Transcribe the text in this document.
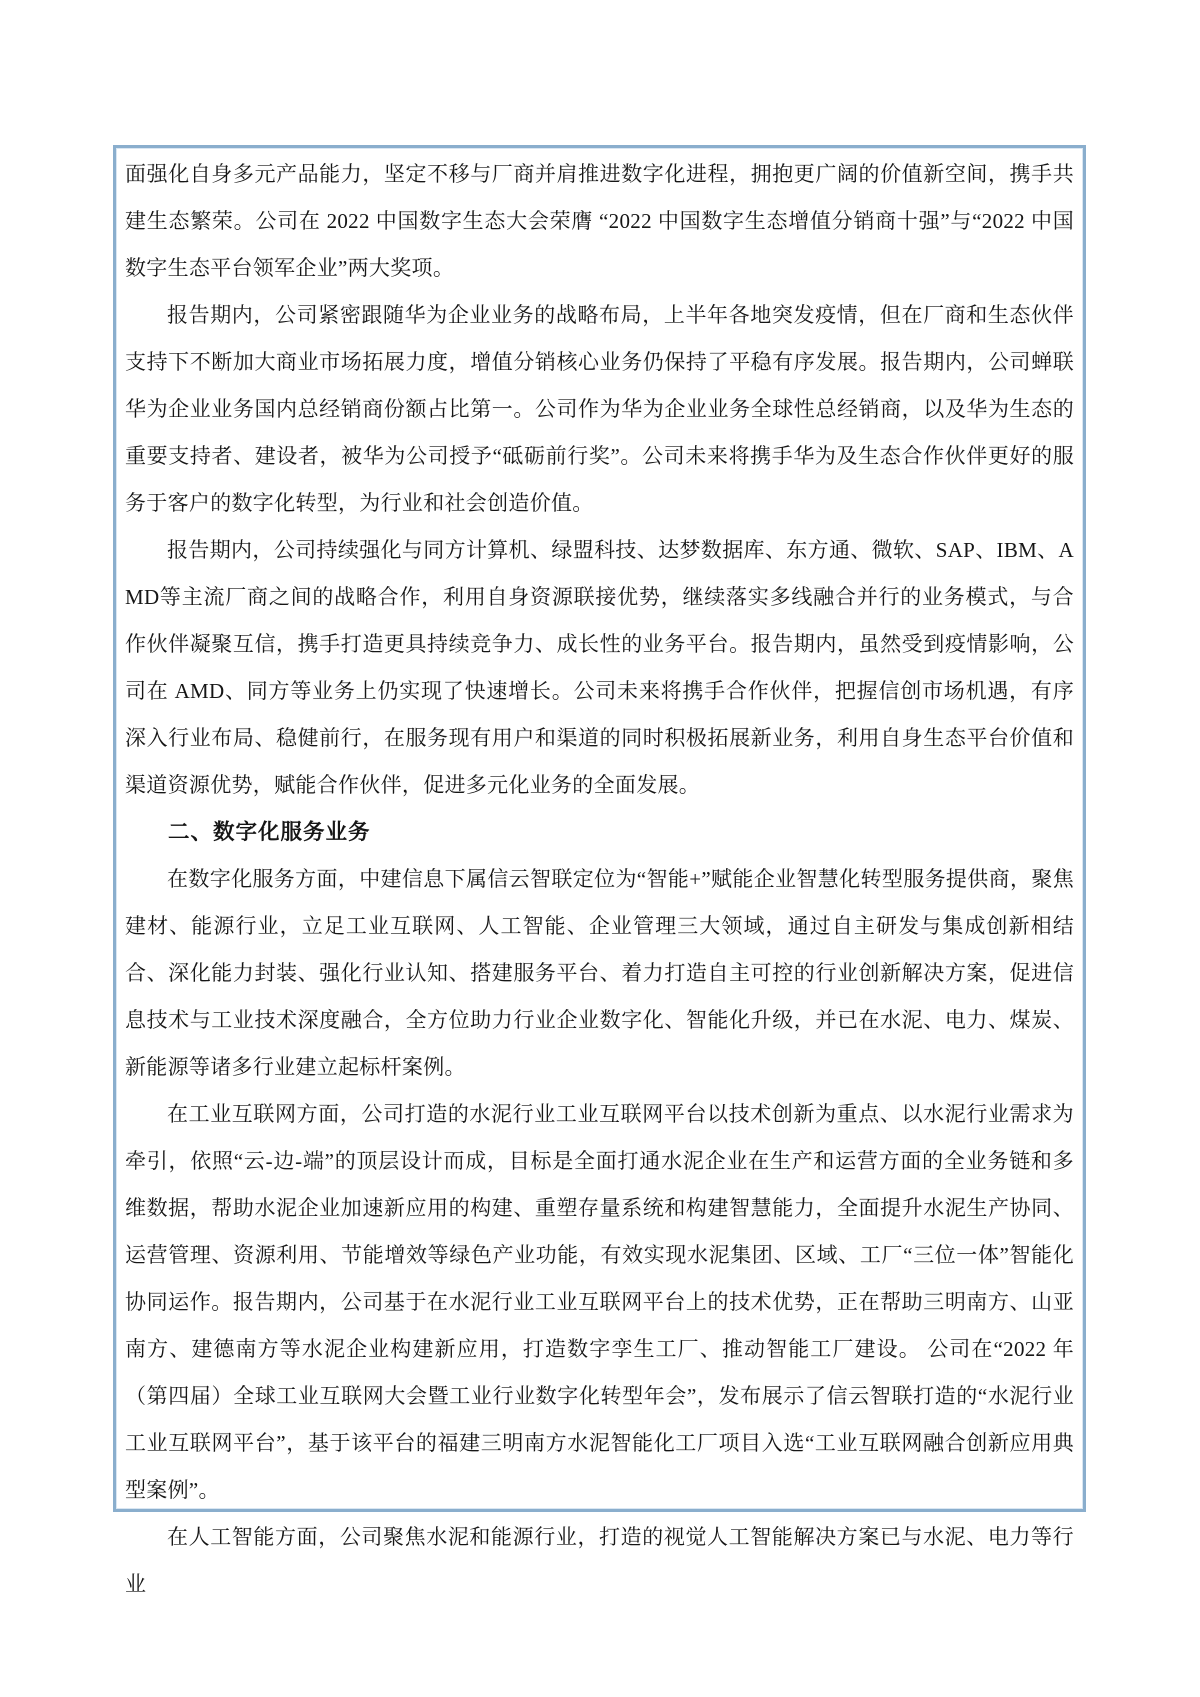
面强化自身多元产品能力，坚定不移与厂商并肩推进数字化进程，拥抱更广阔的价值新空间，携手共建生态繁荣。公司在 2022 中国数字生态大会荣膺 “2022 中国数字生态增值分销商十强”与“2022 中国数字生态平台领军企业”两大奖项。

报告期内，公司紧密跟随华为企业业务的战略布局，上半年各地突发疫情，但在厂商和生态伙伴支持下不断加大商业市场拓展力度，增值分销核心业务仍保持了平稳有序发展。报告期内，公司蝉联华为企业业务国内总经销商份额占比第一。公司作为华为企业业务全球性总经销商，以及华为生态的重要支持者、建设者，被华为公司授予“砥砺前行奖”。公司未来将携手华为及生态合作伙伴更好的服务于客户的数字化转型，为行业和社会创造价值。

报告期内，公司持续强化与同方计算机、绿盟科技、达梦数据库、东方通、微软、SAP、IBM、AMD等主流厂商之间的战略合作，利用自身资源联接优势，继续落实多线融合并行的业务模式，与合作伙伴凝聚互信，携手打造更具持续竞争力、成长性的业务平台。报告期内，虽然受到疫情影响，公司在 AMD、同方等业务上仍实现了快速增长。公司未来将携手合作伙伴，把握信创市场机遇，有序深入行业布局、稳健前行，在服务现有用户和渠道的同时积极拓展新业务，利用自身生态平台价值和渠道资源优势，赋能合作伙伴，促进多元化业务的全面发展。

二、数字化服务业务

在数字化服务方面，中建信息下属信云智联定位为“智能+”赋能企业智慧化转型服务提供商，聚焦建材、能源行业，立足工业互联网、人工智能、企业管理三大领域，通过自主研发与集成创新相结合、深化能力封装、强化行业认知、搭建服务平台、着力打造自主可控的行业创新解决方案，促进信息技术与工业技术深度融合，全方位助力行业企业数字化、智能化升级，并已在水泥、电力、煤炭、新能源等诸多行业建立起标杆案例。

在工业互联网方面，公司打造的水泥行业工业互联网平台以技术创新为重点、以水泥行业需求为牵引，依照“云-边-端”的顶层设计而成，目标是全面打通水泥企业在生产和运营方面的全业务链和多维数据，帮助水泥企业加速新应用的构建、重塑存量系统和构建智慧能力，全面提升水泥生产协同、运营管理、资源利用、节能增效等绿色产业功能，有效实现水泥集团、区域、工厂“三位一体”智能化协同运作。报告期内，公司基于在水泥行业工业互联网平台上的技术优势，正在帮助三明南方、山亚南方、建德南方等水泥企业构建新应用，打造数字孪生工厂、推动智能工厂建设。 公司在“2022 年（第四届）全球工业互联网大会暨工业行业数字化转型年会”，发布展示了信云智联打造的“水泥行业工业互联网平台”，基于该平台的福建三明南方水泥智能化工厂项目入选“工业互联网融合创新应用典型案例”。

在人工智能方面，公司聚焦水泥和能源行业，打造的视觉人工智能解决方案已与水泥、电力等行业
